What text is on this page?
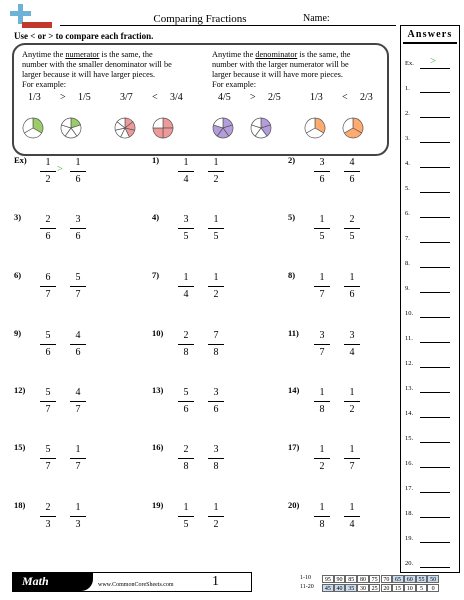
Comparing Fractions	Name:
Use < or > to compare each fraction.
Anytime the numerator is the same, the
number with the smaller denominator will be
larger because it will have larger pieces.
For example:
Anytime the denominator is the same, the
number with the larger numerator will be
larger because it will have more pieces.
For example:
1/3 > 1/5	3/7 < 3/4	4/5 > 2/5	1/3 < 2/3
Ex)	1
2
1
6
>
1)	1
4
1
2
2)	3
6
4
6
3)	2
6
3
6
4)	3
5
1
5
5)	1
5
2
5
6)	6
7
5
7
7)	1
4
1
2
8)	1
7
1
6
9)	5
6
4
6
10)	2
8
7
8
11)	3
7
3
4
12)	5
7
4
7
13)	5
6
3
6
14)	1
8
1
2
15)	5
7
1
7
16)	2
8
3
8
17)	1
2
1
7
18)	2
3
1
3
19)	1
5
1
2
20)	1
8
1
4
Answers
Ex. >
1.
2.
3.
4.
5.
6.
7.
8.
9.
10.
11.
12.
13.
14.
15.
16.
17.
18.
19.
20.
Math	www.CommonCoreSheets.com	1	1-10	95 90 85 80 75 70 65 60 55 50
11-20	45 40 35 30 25 20 15 10	5	0
